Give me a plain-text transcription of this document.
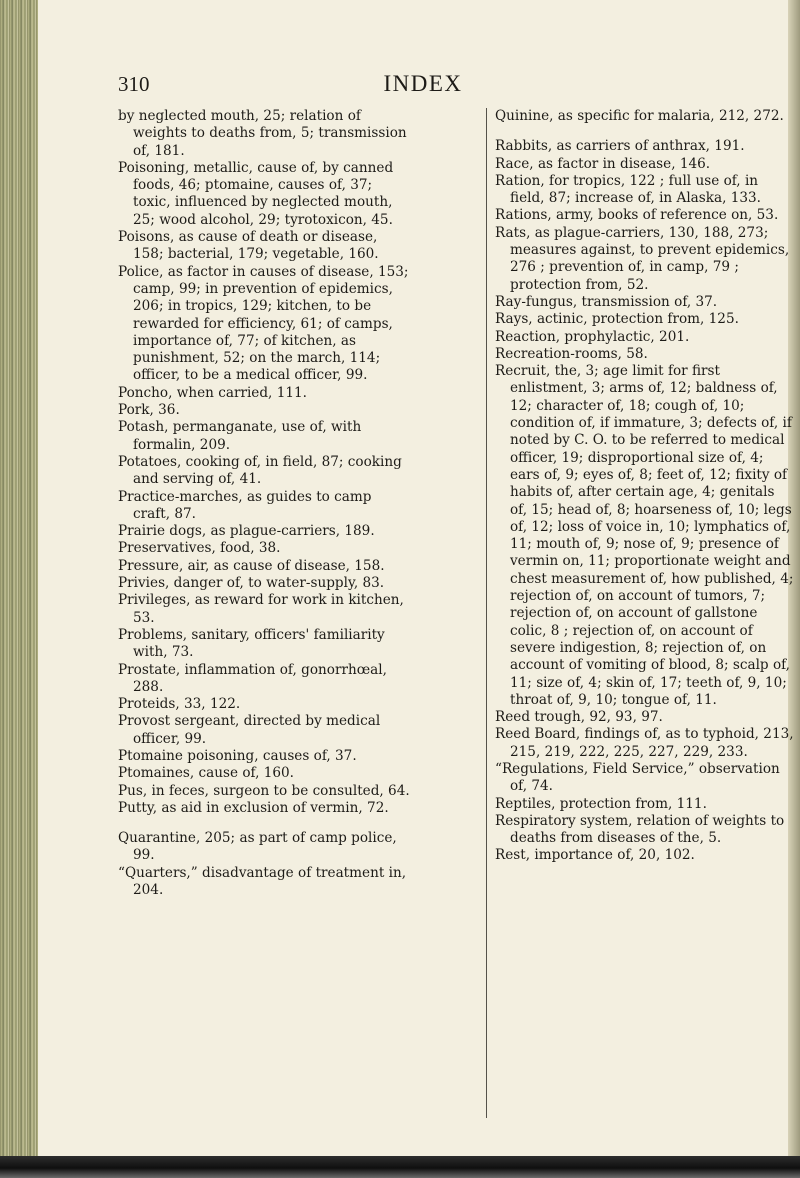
310	INDEX

by neglected mouth, 25; relation of weights to deaths from, 5; transmission of, 181.

Poisoning, metallic, cause of, by canned foods, 46; ptomaine, causes of, 37; toxic, influenced by neglected mouth, 25; wood alcohol, 29; tyrotoxicon, 45.

Poisons, as cause of death or disease, 158; bacterial, 179; vegetable, 160.

Police, as factor in causes of disease, 153; camp, 99; in prevention of epidemics, 206; in tropics, 129; kitchen, to be rewarded for efficiency, 61; of camps, importance of, 77; of kitchen, as punishment, 52; on the march, 114; officer, to be a medical officer, 99.

Poncho, when carried, 111.

Pork, 36.

Potash, permanganate, use of, with formalin, 209.

Potatoes, cooking of, in field, 87; cooking and serving of, 41.

Practice-marches, as guides to camp craft, 87.

Prairie dogs, as plague-carriers, 189.

Preservatives, food, 38.

Pressure, air, as cause of disease, 158.

Privies, danger of, to water-supply, 83.

Privileges, as reward for work in kitchen, 53.

Problems, sanitary, officers' familiarity with, 73.

Prostate, inflammation of, gonorrhœal, 288.

Proteids, 33, 122.

Provost sergeant, directed by medical officer, 99.

Ptomaine poisoning, causes of, 37.

Ptomaines, cause of, 160.

Pus, in feces, surgeon to be consulted, 64.

Putty, as aid in exclusion of vermin, 72.

Quarantine, 205; as part of camp police, 99.

“Quarters,” disadvantage of treatment in, 204.

Quinine, as specific for malaria, 212, 272.

Rabbits, as carriers of anthrax, 191.

Race, as factor in disease, 146.

Ration, for tropics, 122 ; full use of, in field, 87; increase of, in Alaska, 133.

Rations, army, books of reference on, 53.

Rats, as plague-carriers, 130, 188, 273; measures against, to prevent epidemics, 276 ; prevention of, in camp, 79 ; protection from, 52.

Ray-fungus, transmission of, 37.

Rays, actinic, protection from, 125.

Reaction, prophylactic, 201.

Recreation-rooms, 58.

Recruit, the, 3; age limit for first enlistment, 3; arms of, 12; baldness of, 12; character of, 18; cough of, 10; condition of, if immature, 3; defects of, if noted by C. O. to be referred to medical officer, 19; disproportional size of, 4; ears of, 9; eyes of, 8; feet of, 12; fixity of habits of, after certain age, 4; genitals of, 15; head of, 8; hoarseness of, 10; legs of, 12; loss of voice in, 10; lymphatics of, 11; mouth of, 9; nose of, 9; presence of vermin on, 11; proportionate weight and chest measurement of, how published, 4; rejection of, on account of tumors, 7; rejection of, on account of gallstone colic, 8 ; rejection of, on account of severe indigestion, 8; rejection of, on account of vomiting of blood, 8; scalp of, 11; size of, 4; skin of, 17; teeth of, 9, 10; throat of, 9, 10; tongue of, 11.

Reed trough, 92, 93, 97.

Reed Board, findings of, as to typhoid, 213, 215, 219, 222, 225, 227, 229, 233.

“Regulations, Field Service,” observation of, 74.

Reptiles, protection from, 111.

Respiratory system, relation of weights to deaths from diseases of the, 5.

Rest, importance of, 20, 102.
